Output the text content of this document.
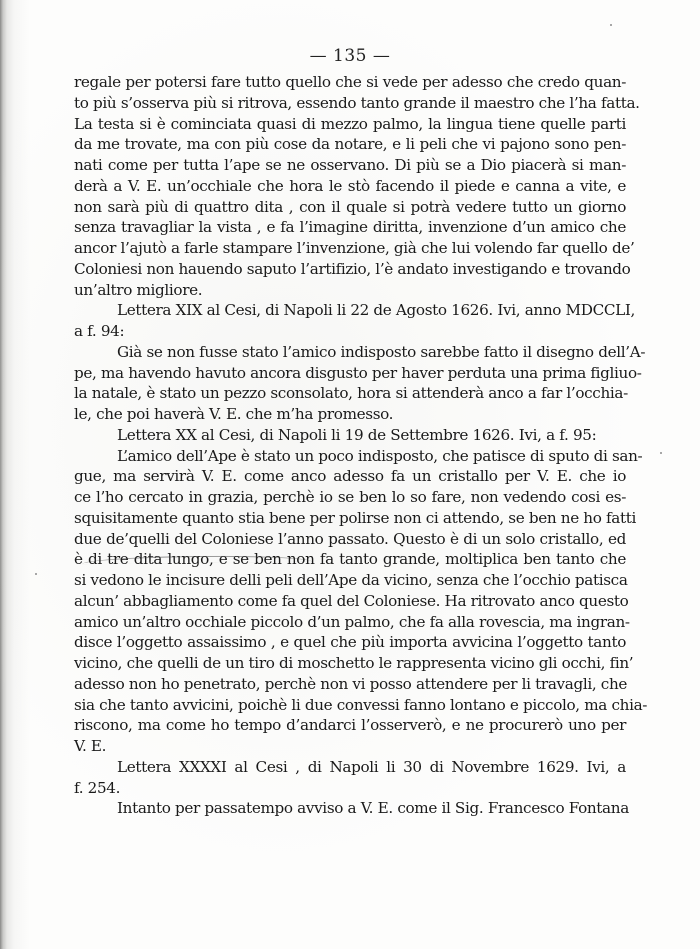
— 135 —
regale per potersi fare tutto quello che si vede per adesso che credo quan-
to più s’osserva più si ritrova, essendo tanto grande il maestro che l’ha fatta.
La testa si è cominciata quasi di mezzo palmo, la lingua tiene quelle parti
da me trovate, ma con più cose da notare, e li peli che vi pajono sono pen-
nati come per tutta l’ape se ne osservano. Di più se a Dio piacerà si man-
derà a V. E. un’occhiale che hora le stò facendo il piede e canna a vite, e
non sarà più di quattro dita , con il quale si potrà vedere tutto un giorno
senza travagliar la vista , e fa l’imagine diritta, invenzione d’un amico che
ancor l’ajutò a farle stampare l’invenzione, già che lui volendo far quello de’
Coloniesi non hauendo saputo l’artifizio, l’è andato investigando e trovando
un’altro migliore.
Lettera XIX al Cesi, di Napoli li 22 de Agosto 1626. Ivi, anno MDCCLI,
a f. 94:
Già se non fusse stato l’amico indisposto sarebbe fatto il disegno dell’A-
pe, ma havendo havuto ancora disgusto per haver perduta una prima figliuo-
la natale, è stato un pezzo sconsolato, hora si attenderà anco a far l’occhia-
le, che poi haverà V. E. che m’ha promesso.
Lettera XX al Cesi, di Napoli li 19 de Settembre 1626. Ivi, a f. 95:
L’amico dell’Ape è stato un poco indisposto, che patisce di sputo di san-
gue, ma servirà V. E. come anco adesso fa un cristallo per V. E. che io
ce l’ho cercato in grazia, perchè io se ben lo so fare, non vedendo cosi es-
squisitamente quanto stia bene per polirse non ci attendo, se ben ne ho fatti
due de’quelli del Coloniese l’anno passato. Questo è di un solo cristallo, ed
è di tre dita lungo, e se ben non fa tanto grande, moltiplica ben tanto che
si vedono le incisure delli peli dell’Ape da vicino, senza che l’occhio patisca
alcun’ abbagliamento come fa quel del Coloniese. Ha ritrovato anco questo
amico un’altro occhiale piccolo d’un palmo, che fa alla rovescia, ma ingran-
disce l’oggetto assaissimo , e quel che più importa avvicina l’oggetto tanto
vicino, che quelli de un tiro di moschetto le rappresenta vicino gli occhi, fin’
adesso non ho penetrato, perchè non vi posso attendere per li travagli, che
sia che tanto avvicini, poichè li due convessi fanno lontano e piccolo, ma chia-
riscono, ma come ho tempo d’andarci l’osserverò, e ne procurerò uno per
V. E.
Lettera XXXXI al Cesi , di Napoli li 30 di Novembre 1629. Ivi, a
f. 254.
Intanto per passatempo avviso a V. E. come il Sig. Francesco Fontana
